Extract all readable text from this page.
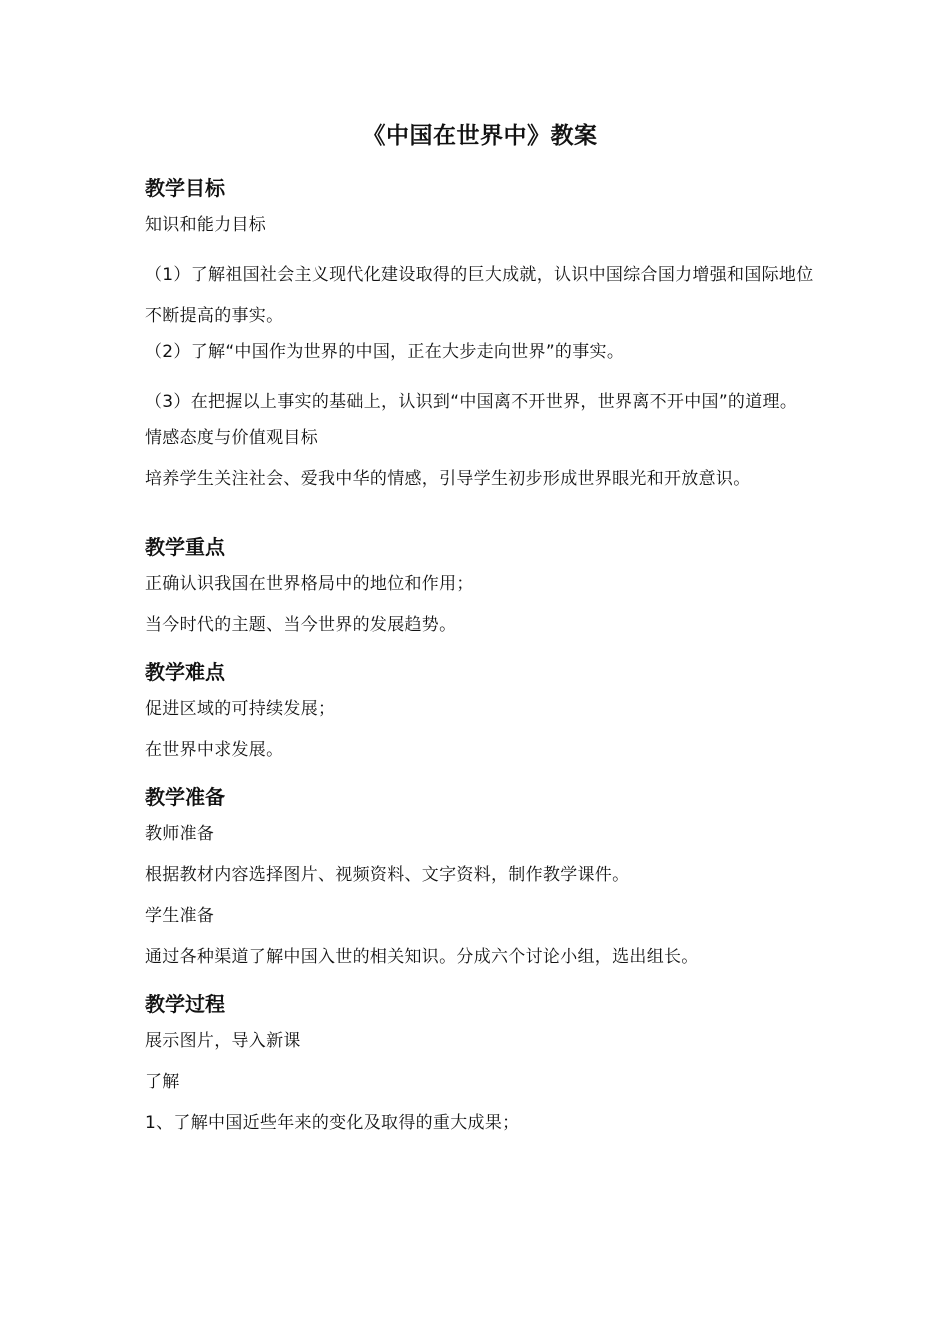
《中国在世界中》教案
教学目标
知识和能力目标
（1）了解祖国社会主义现代化建设取得的巨大成就，认识中国综合国力增强和国际地位不断提高的事实。
（2）了解“中国作为世界的中国，正在大步走向世界”的事实。
（3）在把握以上事实的基础上，认识到“中国离不开世界，世界离不开中国”的道理。
情感态度与价值观目标
培养学生关注社会、爱我中华的情感，引导学生初步形成世界眼光和开放意识。
教学重点
正确认识我国在世界格局中的地位和作用；
当今时代的主题、当今世界的发展趋势。
教学难点
促进区域的可持续发展；
在世界中求发展。
教学准备
教师准备
根据教材内容选择图片、视频资料、文字资料，制作教学课件。
学生准备
通过各种渠道了解中国入世的相关知识。分成六个讨论小组，选出组长。
教学过程
展示图片，导入新课
了解
1、了解中国近些年来的变化及取得的重大成果；
